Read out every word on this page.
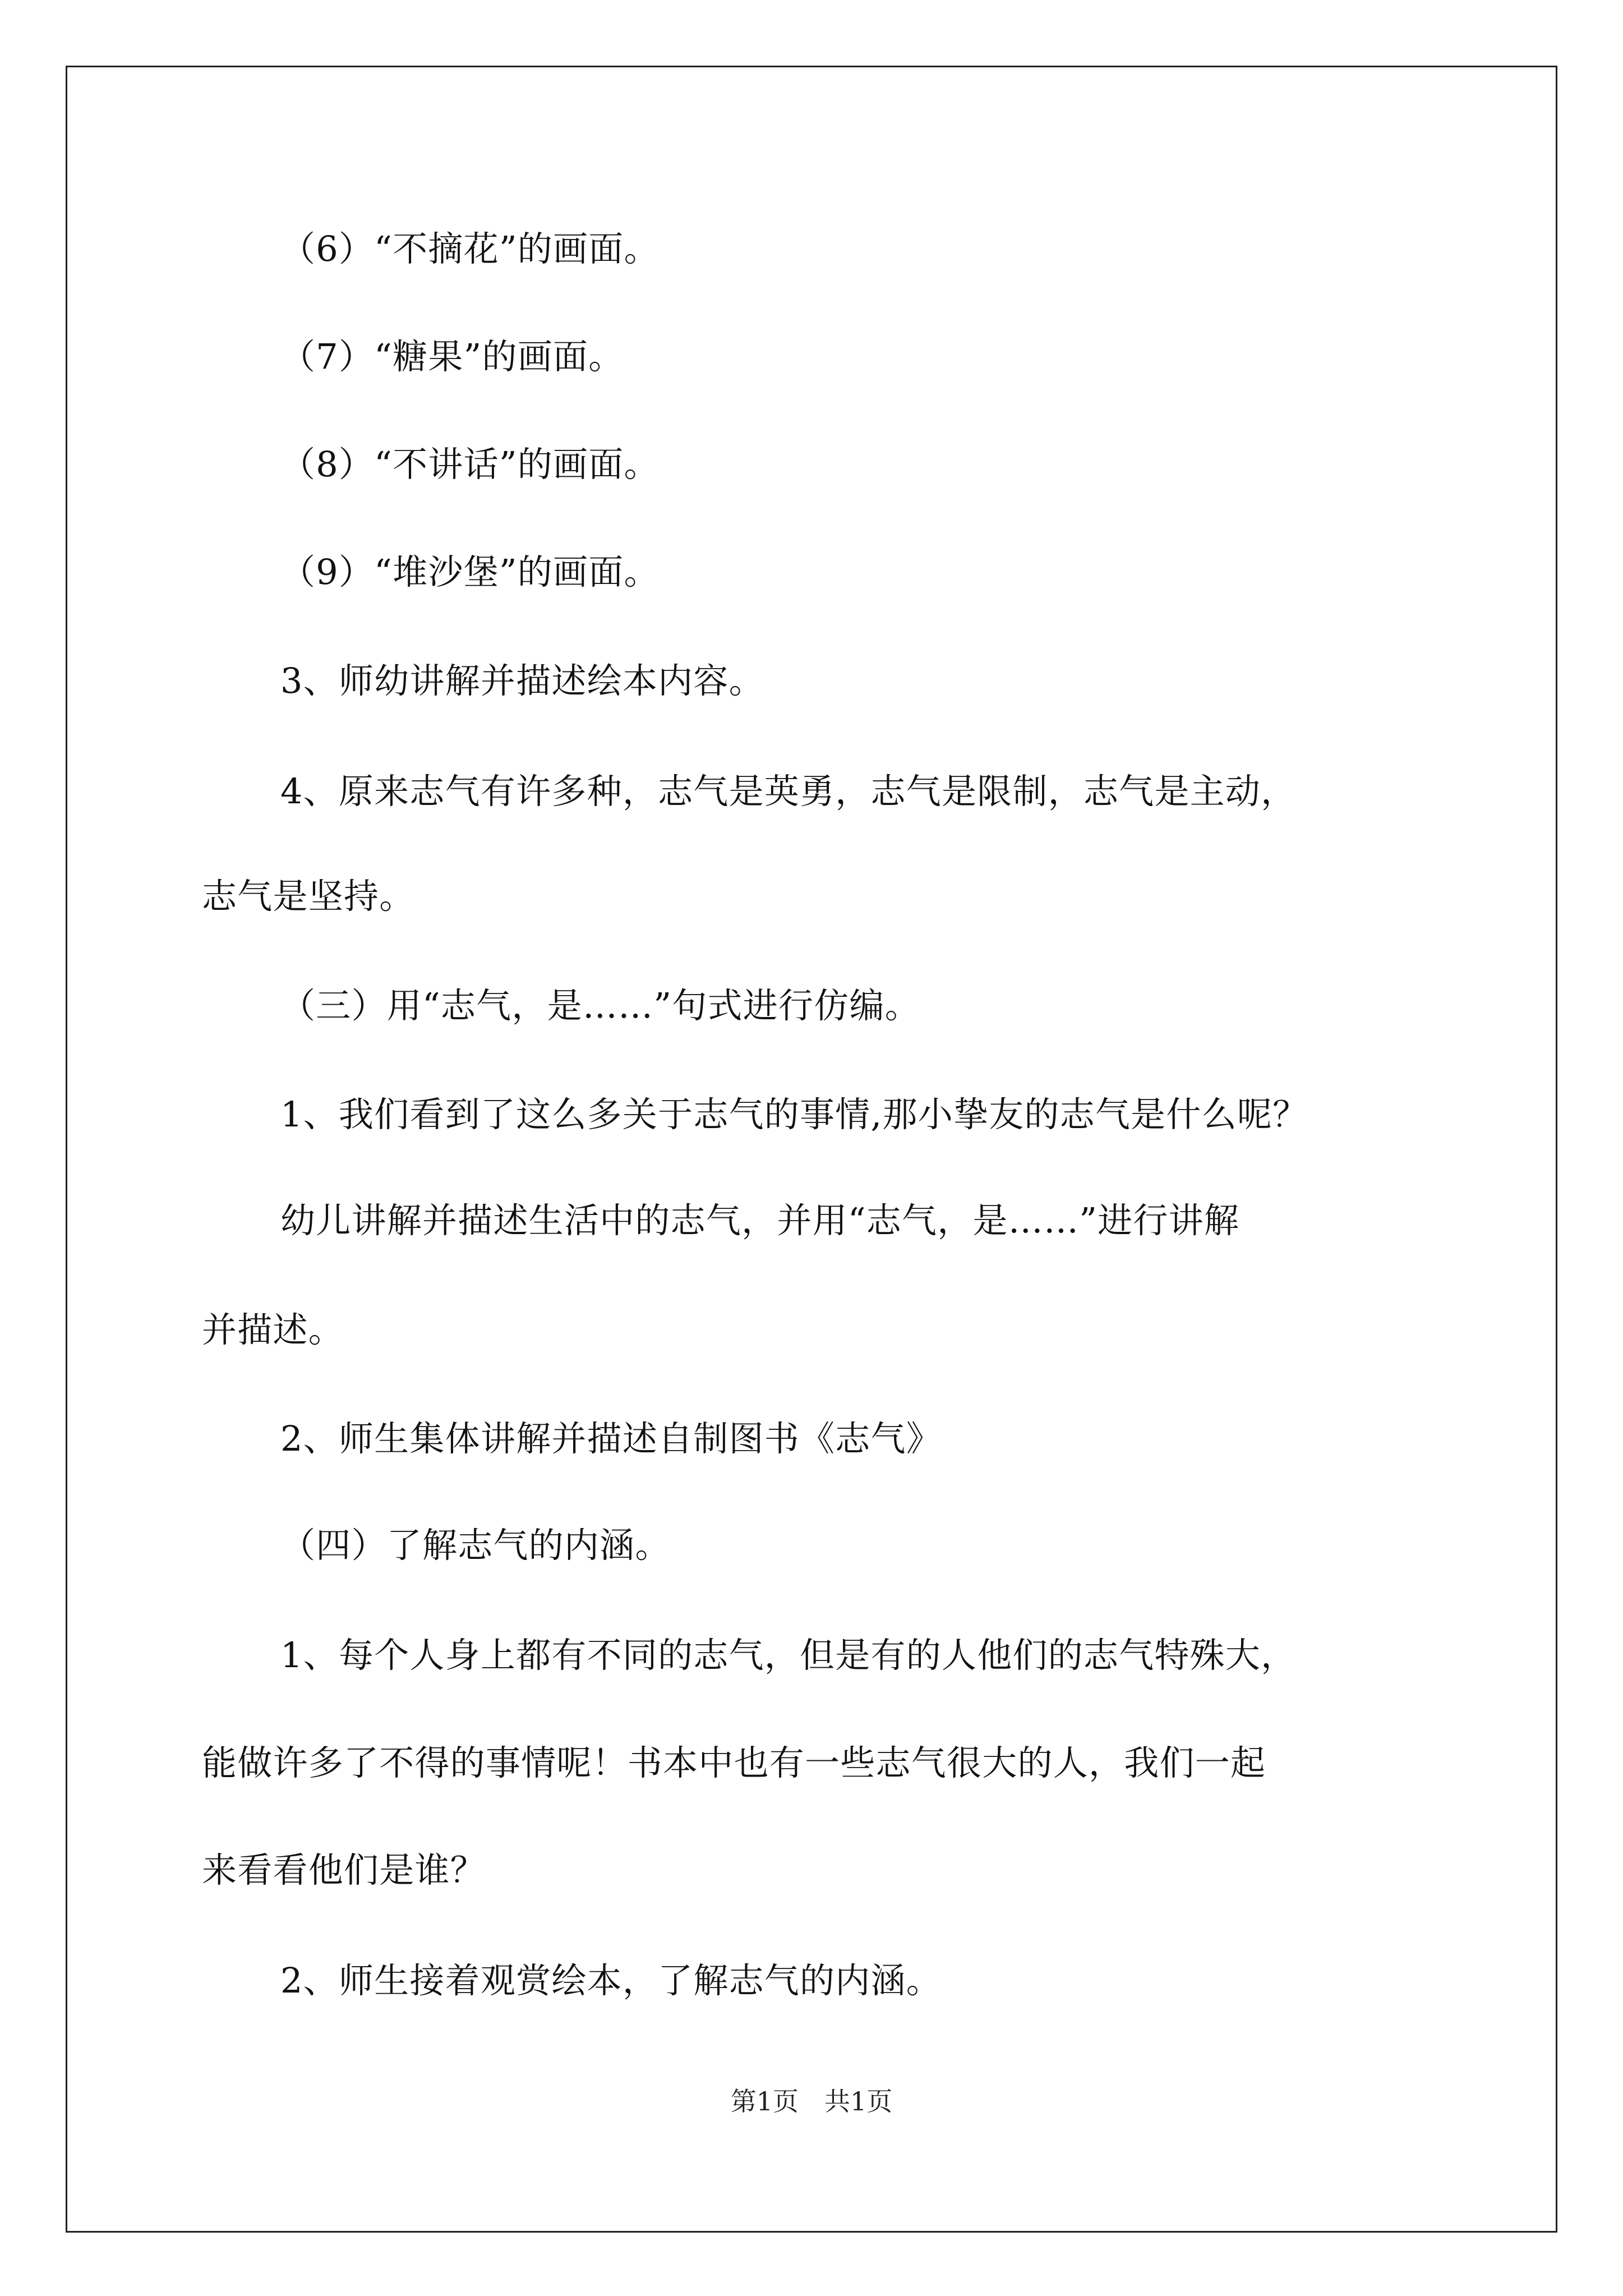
（6）“不摘花”的画面。
（7）“糖果”的画面。
（8）“不讲话”的画面。
（9）“堆沙堡”的画面。
3、师幼讲解并描述绘本内容。
4、原来志气有许多种，志气是英勇，志气是限制，志气是主动，
志气是坚持。
（三）用“志气，是……”句式进行仿编。
1、我们看到了这么多关于志气的事情,那小挚友的志气是什么呢？
幼儿讲解并描述生活中的志气，并用“志气，是……”进行讲解
并描述。
2、师生集体讲解并描述自制图书《志气》
（四）了解志气的内涵。
1、每个人身上都有不同的志气，但是有的人他们的志气特殊大，
能做许多了不得的事情呢！书本中也有一些志气很大的人，我们一起
来看看他们是谁？
2、师生接着观赏绘本，了解志气的内涵。
第1页　共1页
